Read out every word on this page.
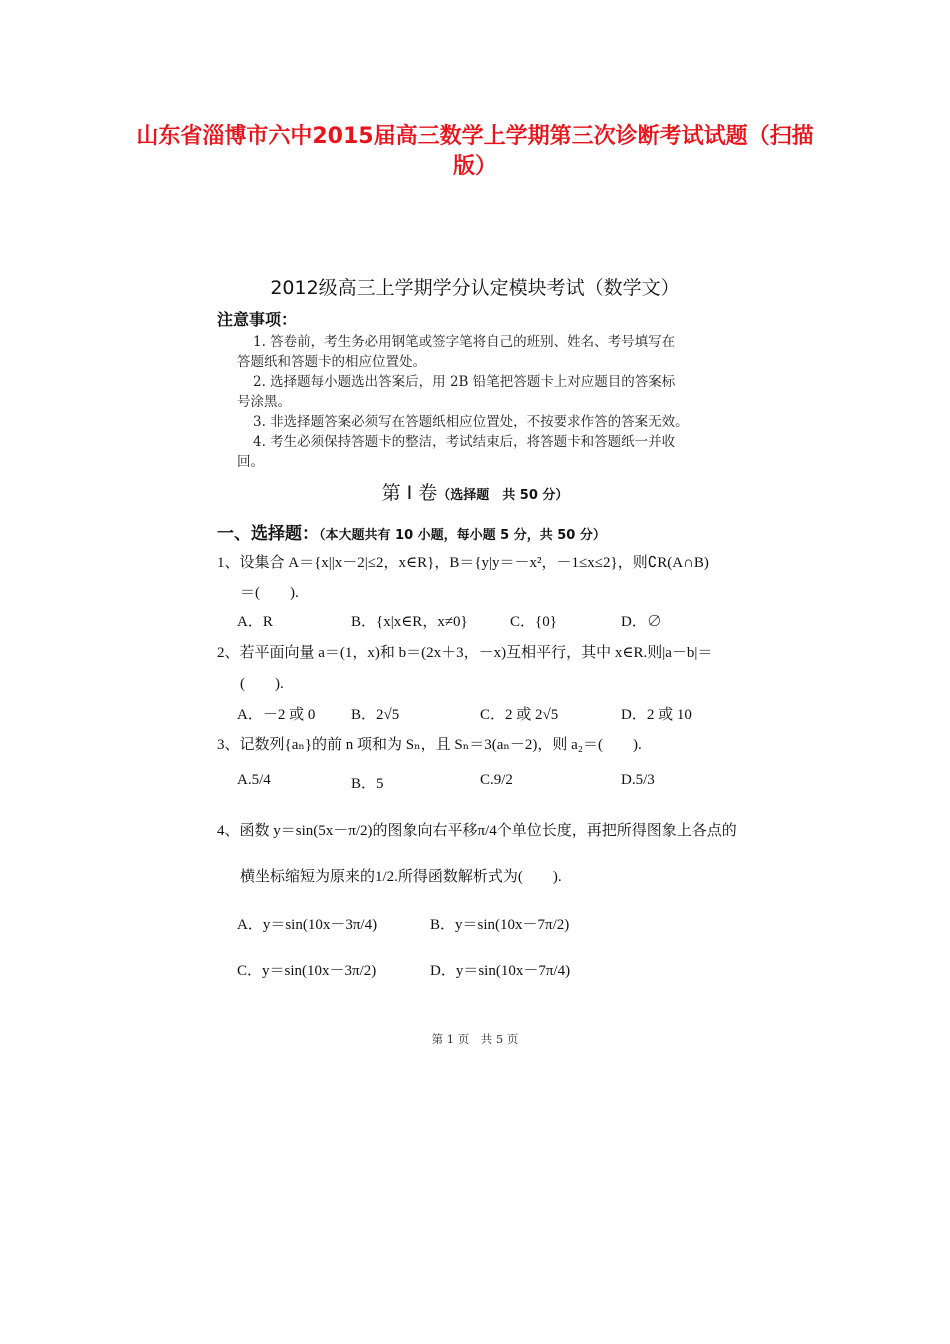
山东省淄博市六中2015届高三数学上学期第三次诊断考试试题（扫描版）
2012级高三上学期学分认定模块考试（数学文）
注意事项：
1. 答卷前，考生务必用钢笔或签字笔将自己的班别、姓名、考号填写在
答题纸和答题卡的相应位置处。
2. 选择题每小题选出答案后，用 2B 铅笔把答题卡上对应题目的答案标
号涂黑。
3. 非选择题答案必须写在答题纸相应位置处，不按要求作答的答案无效。
4. 考生必须保持答题卡的整洁，考试结束后，将答题卡和答题纸一并收
回。
第 Ⅰ 卷（选择题　共 50 分）
一、选择题：（本大题共有 10 小题，每小题 5 分，共 50 分）
1、设集合 A＝{x||x－2|≤2，x∈R}，B＝{y|y＝－x²，－1≤x≤2}，则∁R(A∩B)
＝(　　).
A．R	B．{x|x∈R，x≠0}	C．{0}	D．∅
2、若平面向量 a＝(1，x)和 b＝(2x＋3，－x)互相平行，其中 x∈R.则|a－b|＝
(　　).
A．－2 或 0 B．2√5	C．2 或 2√5	D．2 或 10
3、记数列{aₙ}的前 n 项和为 Sₙ，且 Sₙ＝3(aₙ－2)，则 a₂＝(　　).
A.5/4	B．5	C.9/2	D.5/3
4、函数 y＝sin(5x－π/2)的图象向右平移π/4个单位长度，再把所得图象上各点的
横坐标缩短为原来的1/2.所得函数解析式为(　　).
A．y＝sin(10x－3π/4)	B．y＝sin(10x－7π/2)
C．y＝sin(10x－3π/2)	D．y＝sin(10x－7π/4)
第 1 页　共 5 页
